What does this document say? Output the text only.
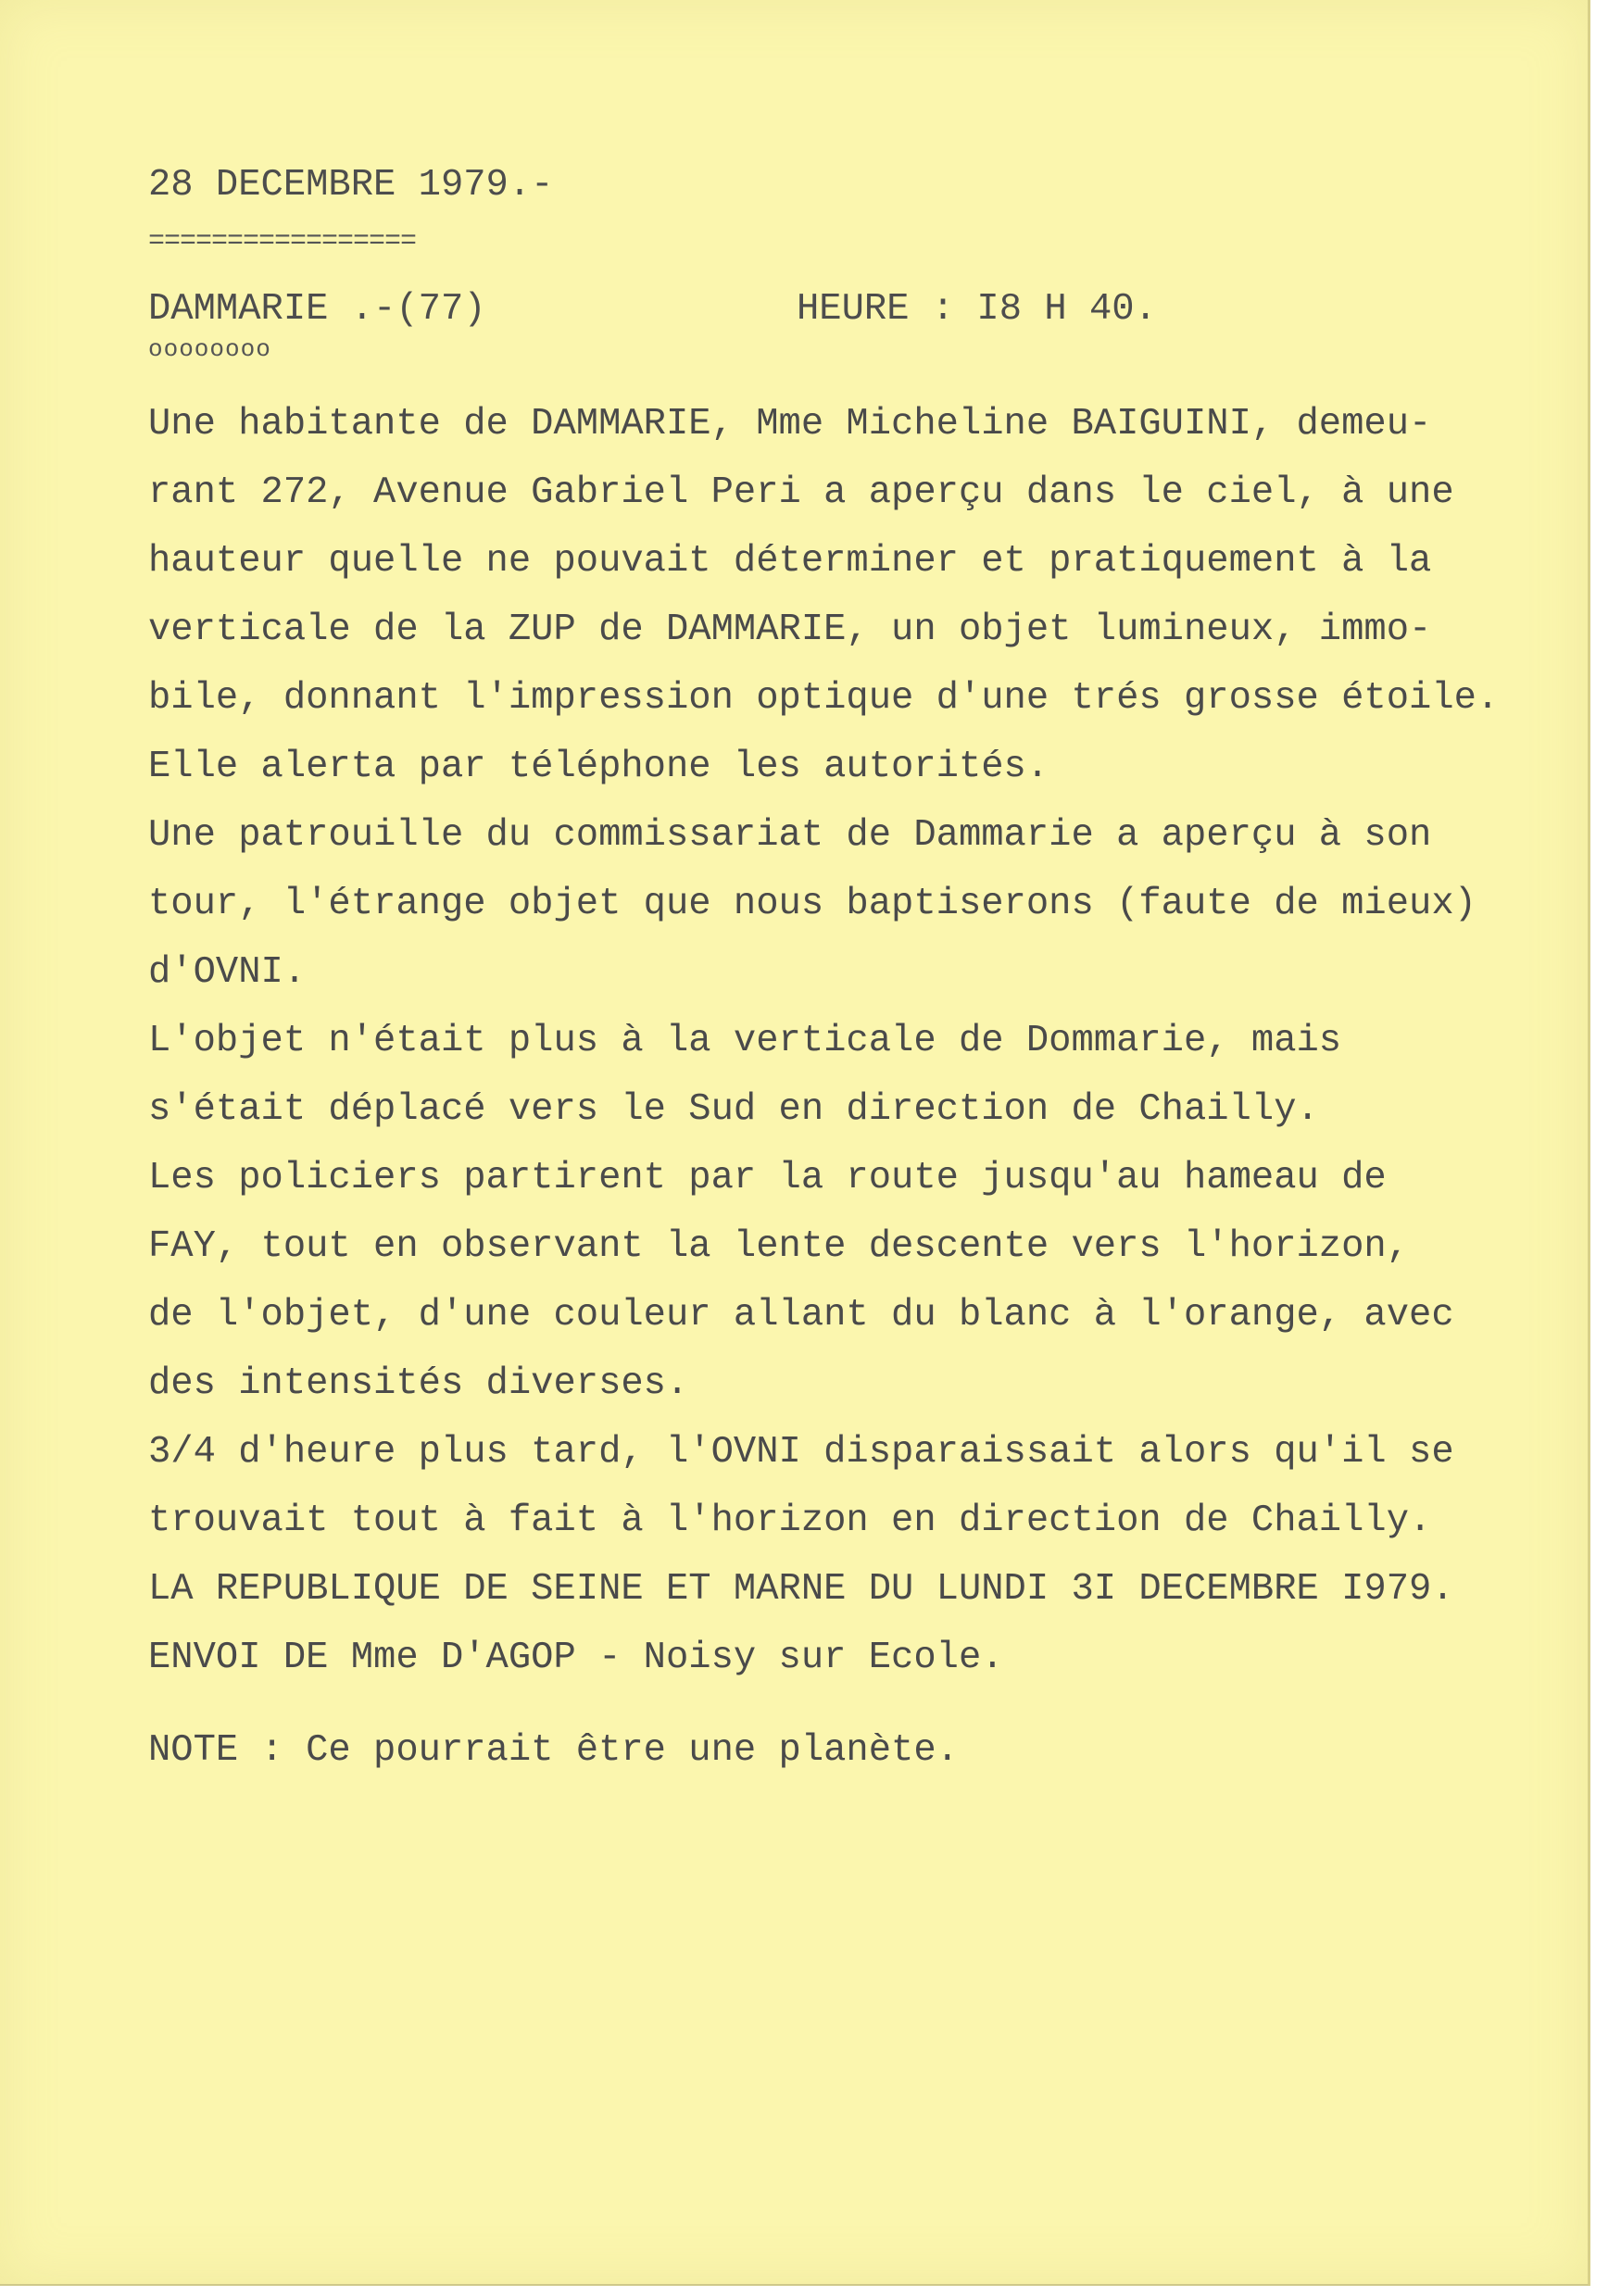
28 DECEMBRE 1979.-
=================
DAMMARIE .-(77)
oooooooo
HEURE : I8 H 40.
Une habitante de DAMMARIE, Mme Micheline BAIGUINI, demeu-
rant 272, Avenue Gabriel Peri a aperçu dans le ciel, à une
hauteur quelle ne pouvait déterminer et pratiquement à la
verticale de la ZUP de DAMMARIE, un objet lumineux, immo-
bile, donnant l'impression optique d'une trés grosse étoile.
Elle alerta par téléphone les autorités.
Une patrouille du commissariat de Dammarie a aperçu à son
tour, l'étrange objet que nous baptiserons (faute de mieux)
d'OVNI.
L'objet n'était plus à la verticale de Dommarie, mais
s'était déplacé vers le Sud en direction de Chailly.
Les policiers partirent par la route jusqu'au hameau de
FAY, tout en observant la lente descente vers l'horizon,
de l'objet, d'une couleur allant du blanc à l'orange, avec
des intensités diverses.
3/4 d'heure plus tard, l'OVNI disparaissait alors qu'il se
trouvait tout à fait à l'horizon en direction de Chailly.
LA REPUBLIQUE DE SEINE ET MARNE DU LUNDI 3I DECEMBRE I979.
ENVOI DE Mme D'AGOP - Noisy sur Ecole.
NOTE : Ce pourrait être une planète.
